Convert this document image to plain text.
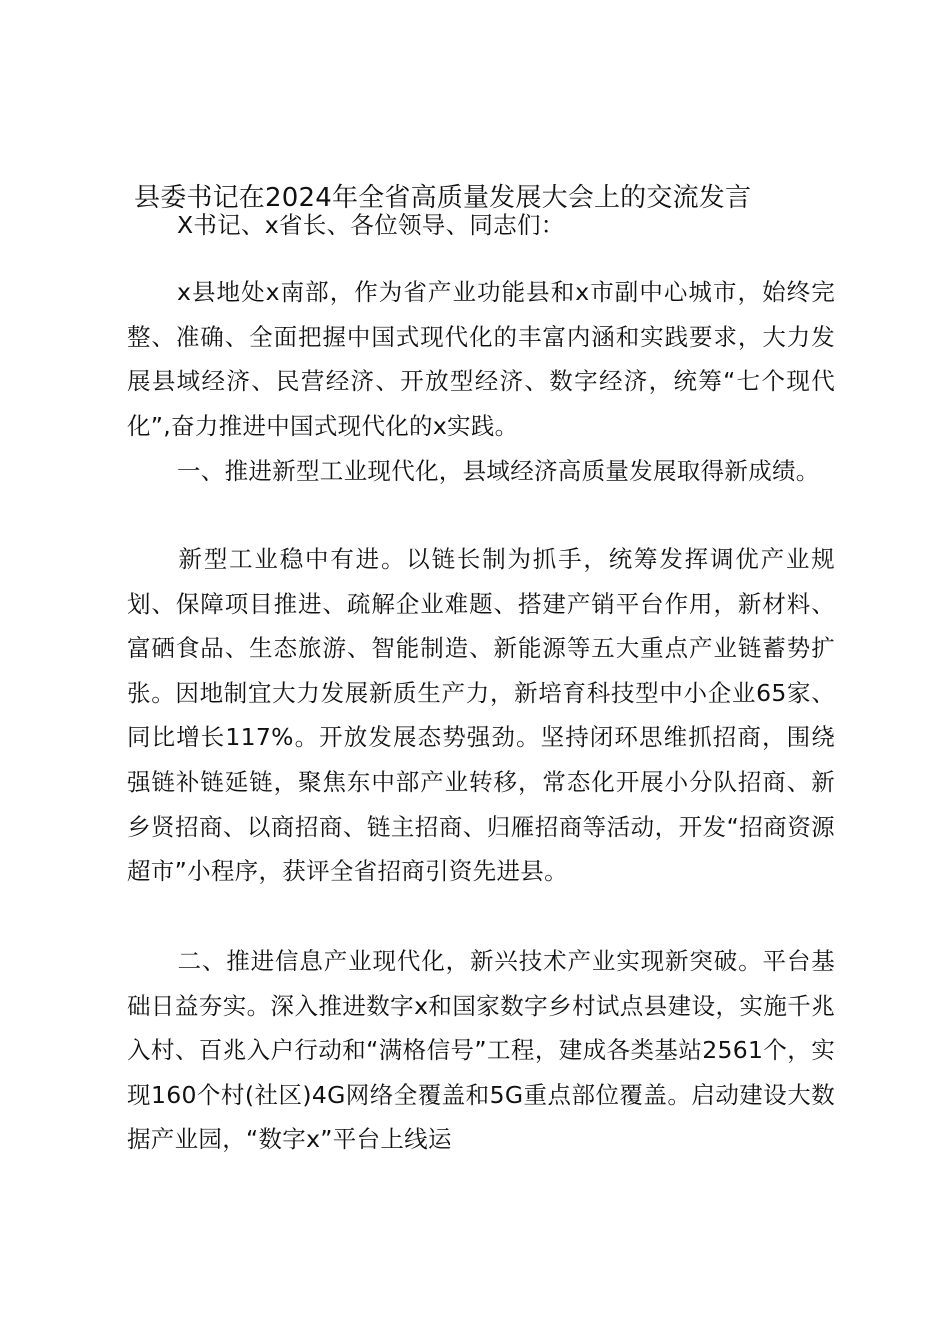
县委书记在2024年全省高质量发展大会上的交流发言

X书记、x省长、各位领导、同志们：

x县地处x南部，作为省产业功能县和x市副中心城市，始终完整、准确、全面把握中国式现代化的丰富内涵和实践要求，大力发展县域经济、民营经济、开放型经济、数字经济，统筹“七个现代化”,奋力推进中国式现代化的x实践。

一、推进新型工业现代化，县域经济高质量发展取得新成绩。

新型工业稳中有进。以链长制为抓手，统筹发挥调优产业规划、保障项目推进、疏解企业难题、搭建产销平台作用，新材料、富硒食品、生态旅游、智能制造、新能源等五大重点产业链蓄势扩张。因地制宜大力发展新质生产力，新培育科技型中小企业65家、同比增长117%。开放发展态势强劲。坚持闭环思维抓招商，围绕强链补链延链，聚焦东中部产业转移，常态化开展小分队招商、新乡贤招商、以商招商、链主招商、归雁招商等活动，开发“招商资源超市”小程序，获评全省招商引资先进县。

二、推进信息产业现代化，新兴技术产业实现新突破。平台基础日益夯实。深入推进数字x和国家数字乡村试点县建设，实施千兆入村、百兆入户行动和“满格信号”工程，建成各类基站2561个，实现160个村(社区)4G网络全覆盖和5G重点部位覆盖。启动建设大数据产业园，“数字x”平台上线运
